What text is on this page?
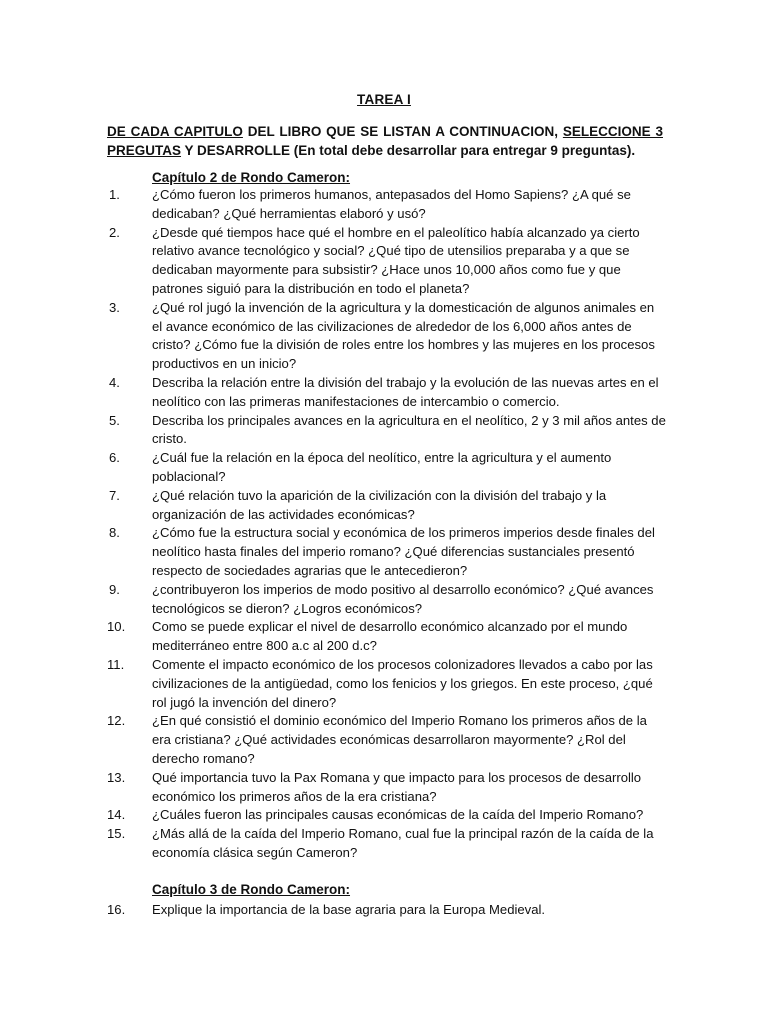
TAREA I
DE CADA CAPITULO DEL LIBRO QUE SE LISTAN A CONTINUACION, SELECCIONE 3 PREGUTAS Y DESARROLLE (En total debe desarrollar para entregar 9 preguntas).
Capítulo 2 de Rondo Cameron:
1.	¿Cómo fueron los primeros humanos, antepasados del Homo Sapiens? ¿A qué se dedicaban? ¿Qué herramientas elaboró y usó?
2.	¿Desde qué tiempos hace qué el hombre en el paleolítico había alcanzado ya cierto relativo avance tecnológico y social? ¿Qué tipo de utensilios preparaba y a que se dedicaban mayormente para subsistir? ¿Hace unos 10,000 años como fue y que patrones siguió para la distribución en todo el planeta?
3.	¿Qué rol jugó la invención de la agricultura y la domesticación de algunos animales en el avance económico de las civilizaciones de alrededor de los 6,000 años antes de cristo? ¿Cómo fue la división de roles entre los hombres y las mujeres en los procesos productivos en un inicio?
4.	Describa la relación entre la división del trabajo y la evolución de las nuevas artes en el neolítico con las primeras manifestaciones de intercambio o comercio.
5.	Describa los principales avances en la agricultura en el neolítico, 2 y 3 mil años antes de cristo.
6.	¿Cuál fue la relación en la época del neolítico, entre la agricultura y el aumento poblacional?
7.	¿Qué relación tuvo la aparición de la civilización con la división del trabajo y la organización de las actividades económicas?
8.	¿Cómo fue la estructura social y económica de los primeros imperios desde finales del neolítico hasta finales del imperio romano? ¿Qué diferencias sustanciales presentó respecto de sociedades agrarias que le antecedieron?
9.	¿contribuyeron los imperios de modo positivo al desarrollo económico? ¿Qué avances tecnológicos se dieron? ¿Logros económicos?
10.	Como se puede explicar el nivel de desarrollo económico alcanzado por el mundo mediterráneo entre 800 a.c al 200 d.c?
11.	Comente el impacto económico de los procesos colonizadores llevados a cabo por las civilizaciones de la antigüedad, como los fenicios y los griegos. En este proceso, ¿qué rol jugó la invención del dinero?
12.	¿En qué consistió el dominio económico del Imperio Romano los primeros años de la era cristiana? ¿Qué actividades económicas desarrollaron mayormente? ¿Rol del derecho romano?
13.	Qué importancia tuvo la Pax Romana y que impacto para los procesos de desarrollo económico los primeros años de la era cristiana?
14.	¿Cuáles fueron las principales causas económicas de la caída del Imperio Romano?
15.	¿Más allá de la caída del Imperio Romano, cual fue la principal razón de la caída de la economía clásica según Cameron?
Capítulo 3 de Rondo Cameron:
16.	Explique la importancia de la base agraria para la Europa Medieval.
